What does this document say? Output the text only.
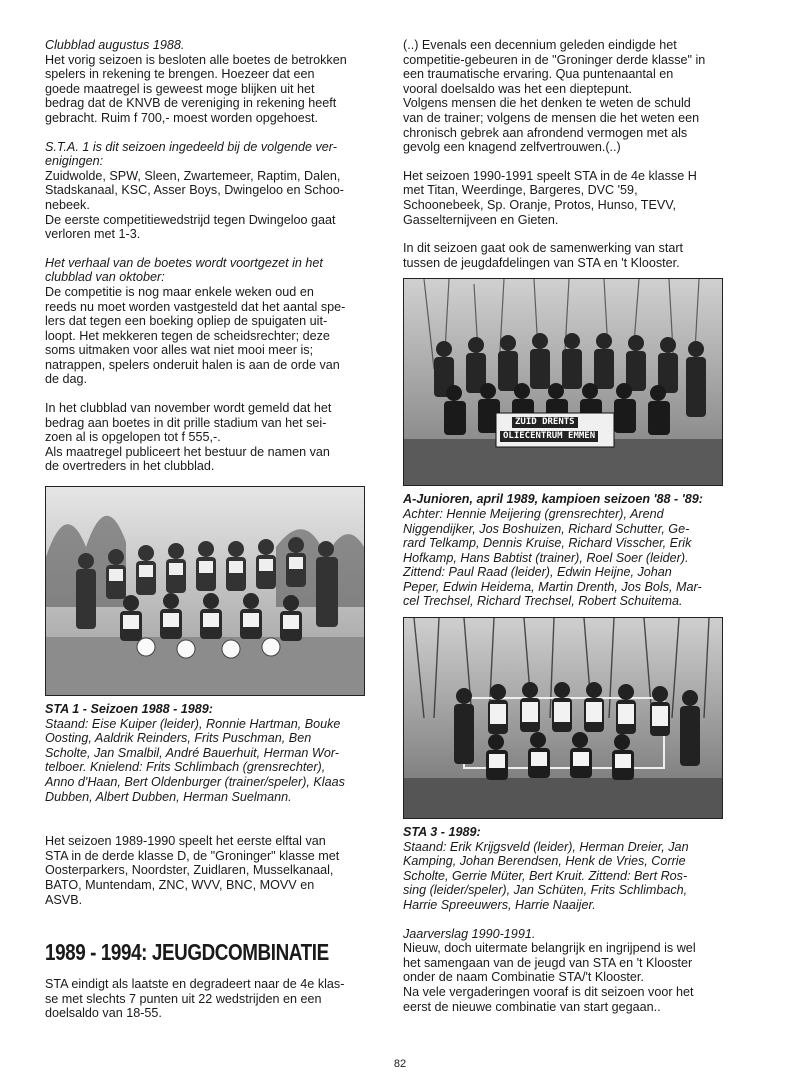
Clubblad augustus 1988.
Het vorig seizoen is besloten alle boetes de betrokken
spelers in rekening te brengen. Hoezeer dat een
goede maatregel is geweest moge blijken uit het
bedrag dat de KNVB de vereniging in rekening heeft
gebracht. Ruim f 700,- moest worden opgehoest.
S.T.A. 1 is dit seizoen ingedeeld bij de volgende ver-
enigingen:
Zuidwolde, SPW, Sleen, Zwartemeer, Raptim, Dalen,
Stadskanaal, KSC, Asser Boys, Dwingeloo en Schoo-
nebeek.
De eerste competitiewedstrijd tegen Dwingeloo gaat
verloren met 1-3.
Het verhaal van de boetes wordt voortgezet in het
clubblad van oktober:
De competitie is nog maar enkele weken oud en
reeds nu moet worden vastgesteld dat het aantal spe-
lers dat tegen een boeking opliep de spuigaten uit-
loopt. Het mekkeren tegen de scheidsrechter; deze
soms uitmaken voor alles wat niet mooi meer is;
natrappen, spelers onderuit halen is aan de orde van
de dag.
In het clubblad van november wordt gemeld dat het
bedrag aan boetes in dit prille stadium van het sei-
zoen al is opgelopen tot f 555,-.
Als maatregel publiceert het bestuur de namen van
de overtreders in het clubblad.
STA 1 - Seizoen 1988 - 1989:
Staand: Eise Kuiper (leider), Ronnie Hartman, Bouke
Oosting, Aaldrik Reinders, Frits Puschman, Ben
Scholte, Jan Smalbil, André Bauerhuit, Herman Wor-
telboer. Knielend: Frits Schlimbach (grensrechter),
Anno d'Haan, Bert Oldenburger (trainer/speler), Klaas
Dubben, Albert Dubben, Herman Suelmann.
Het seizoen 1989-1990 speelt het eerste elftal van
STA in de derde klasse D, de "Groninger" klasse met
Oosterparkers, Noordster, Zuidlaren, Musselkanaal,
BATO, Muntendam, ZNC, WVV, BNC, MOVV en
ASVB.
1989 - 1994: JEUGDCOMBINATIE
STA eindigt als laatste en degradeert naar de 4e klas-
se met slechts 7 punten uit 22 wedstrijden en een
doelsaldo van 18-55.
(..) Evenals een decennium geleden eindigde het
competitie-gebeuren in de "Groninger derde klasse" in
een traumatische ervaring. Qua puntenaantal en
vooral doelsaldo was het een dieptepunt.
Volgens mensen die het denken te weten de schuld
van de trainer; volgens de mensen die het weten een
chronisch gebrek aan afrondend vermogen met als
gevolg een knagend zelfvertrouwen.(..)
Het seizoen 1990-1991 speelt STA in de 4e klasse H
met Titan, Weerdinge, Bargeres, DVC '59,
Schoonebeek, Sp. Oranje, Protos, Hunso, TEVV,
Gasselternijveen en Gieten.
In dit seizoen gaat ook de samenwerking van start
tussen de jeugdafdelingen van STA en 't Klooster.
ZUID DRENTS
OLIECENTRUM EMMEN
A-Junioren, april 1989, kampioen seizoen '88 - '89:
Achter: Hennie Meijering (grensrechter), Arend
Niggendijker, Jos Boshuizen, Richard Schutter, Ge-
rard Telkamp, Dennis Kruise, Richard Visscher, Erik
Hofkamp, Hans Babtist (trainer), Roel Soer (leider).
Zittend: Paul Raad (leider), Edwin Heijne, Johan
Peper, Edwin Heidema, Martin Drenth, Jos Bols, Mar-
cel Trechsel, Richard Trechsel, Robert Schuitema.
STA 3 - 1989:
Staand: Erik Krijgsveld (leider), Herman Dreier, Jan
Kamping, Johan Berendsen, Henk de Vries, Corrie
Scholte, Gerrie Müter, Bert Kruit. Zittend: Bert Ros-
sing (leider/speler), Jan Schüten, Frits Schlimbach,
Harrie Spreeuwers, Harrie Naaijer.
Jaarverslag 1990-1991.
Nieuw, doch uitermate belangrijk en ingrijpend is wel
het samengaan van de jeugd van STA en 't Klooster
onder de naam Combinatie STA/'t Klooster.
Na vele vergaderingen vooraf is dit seizoen voor het
eerst de nieuwe combinatie van start gegaan..
82
